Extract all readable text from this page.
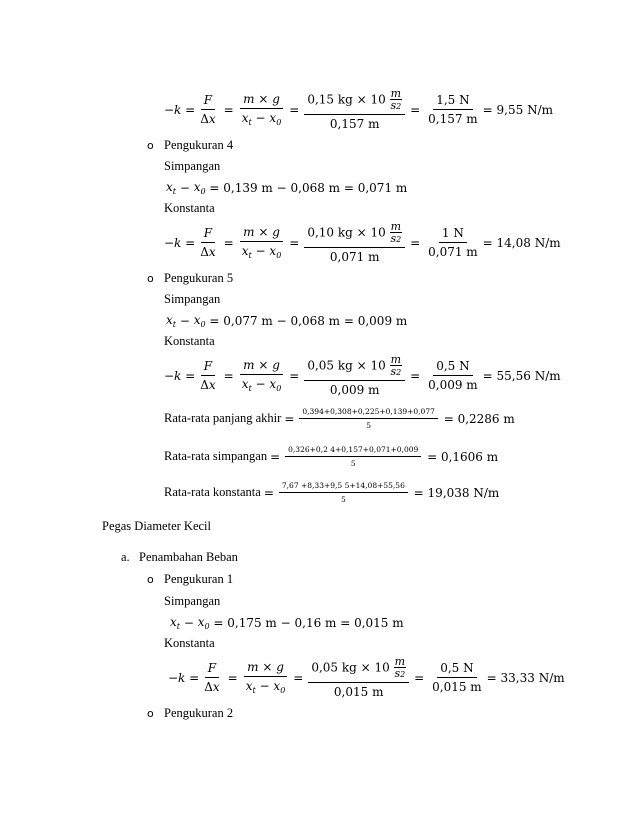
$-k = \frac{F}{\Delta x} = \frac{m \times g}{x_t - x_0} = \frac{0,15 kg \times 10 \frac{m}{s2}}{0,157 m} = \frac{1,5 N}{0,157 m} = 9,55$ N/m
o Pengukuran 4
Simpangan
$x_t - x_0$
= 0,139 m − 0,068 m = 0,071 m
Konstanta
$-k = \frac{F}{\Delta x} = \frac{m \times g}{x_t - x_0} = \frac{0,10 kg \times 10 \frac{m}{s2}}{0,071 m} = \frac{1 N}{0,071 m} = 14,08$ N/m
o Pengukuran 5
Simpangan
$x_t - x_0$
= 0,077 m − 0,068 m = 0,009 m
Konstanta
$-k = \frac{F}{\Delta x} = \frac{m \times g}{x_t - x_0} = \frac{0,05 kg \times 10 \frac{m}{s2}}{0,009 m} = \frac{0,5 N}{0,009 m} = 55,56$ N/m
Rata-rata panjang akhir = $\frac{0,394+0,308+0,225+0,139+0,077}{5} = 0,2286$ m
Rata-rata simpangan = $\frac{0,326+0,2 4+0,157+0,071+0,009}{5} = 0,1606$ m
Rata-rata konstanta = $\frac{7,67 +8,33+9,5 5+14,08+55,56}{5} = 19,038$ N/m
Pegas Diameter Kecil
a. Penambahan Beban
o Pengukuran 1
Simpangan
$x_t - x_0$
= 0,175 m − 0,16 m = 0,015 m
Konstanta
$-k = \frac{F}{\Delta x} = \frac{m \times g}{x_t - x_0} = \frac{0,05 kg \times 10 \frac{m}{s2}}{0,015 m} = \frac{0,5 N}{0,015 m} = 33,33$ N/m
o Pengukuran 2
